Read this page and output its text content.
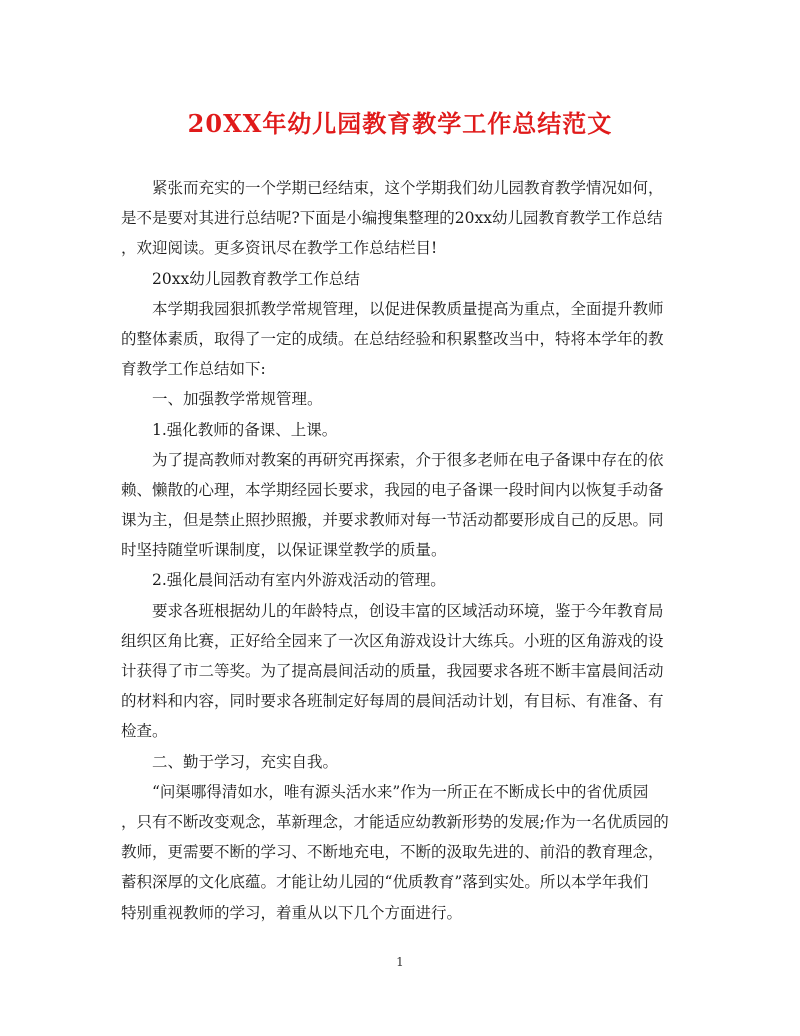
20XX年幼儿园教育教学工作总结范文
紧张而充实的一个学期已经结束，这个学期我们幼儿园教育教学情况如何，
是不是要对其进行总结呢?下面是小编搜集整理的20xx幼儿园教育教学工作总结
，欢迎阅读。更多资讯尽在教学工作总结栏目!
20xx幼儿园教育教学工作总结
本学期我园狠抓教学常规管理，以促进保教质量提高为重点，全面提升教师
的整体素质，取得了一定的成绩。在总结经验和积累整改当中，特将本学年的教
育教学工作总结如下:
一、加强教学常规管理。
1.强化教师的备课、上课。
为了提高教师对教案的再研究再探索，介于很多老师在电子备课中存在的依
赖、懒散的心理，本学期经园长要求，我园的电子备课一段时间内以恢复手动备
课为主，但是禁止照抄照搬，并要求教师对每一节活动都要形成自己的反思。同
时坚持随堂听课制度，以保证课堂教学的质量。
2.强化晨间活动有室内外游戏活动的管理。
要求各班根据幼儿的年龄特点，创设丰富的区域活动环境，鉴于今年教育局
组织区角比赛，正好给全园来了一次区角游戏设计大练兵。小班的区角游戏的设
计获得了市二等奖。为了提高晨间活动的质量，我园要求各班不断丰富晨间活动
的材料和内容，同时要求各班制定好每周的晨间活动计划，有目标、有准备、有
检查。
二、勤于学习，充实自我。
“问渠哪得清如水，唯有源头活水来”作为一所正在不断成长中的省优质园
，只有不断改变观念，革新理念，才能适应幼教新形势的发展;作为一名优质园的
教师，更需要不断的学习、不断地充电，不断的汲取先进的、前沿的教育理念，
蓄积深厚的文化底蕴。才能让幼儿园的“优质教育”落到实处。所以本学年我们
特别重视教师的学习，着重从以下几个方面进行。
1
